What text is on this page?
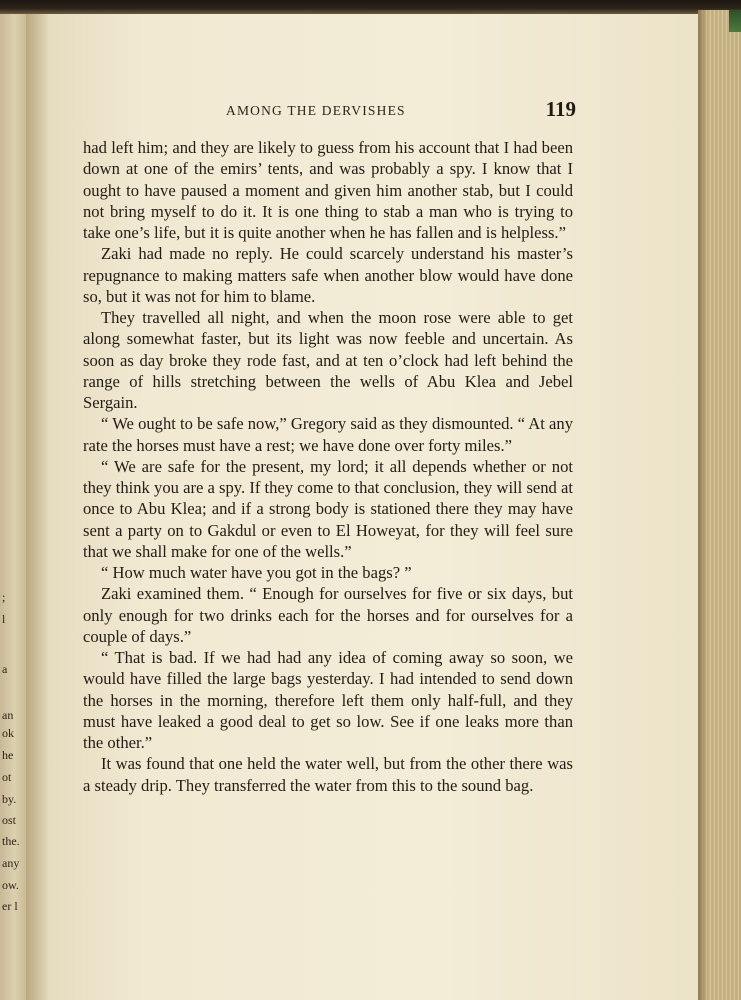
;
l
a
an
ok
he
ot
by.
ost
the.
any
ow.
er l
AMONG THE DERVISHES	119

had left him; and they are likely to guess from his account that I had been down at one of the emirs’ tents, and was probably a spy. I know that I ought to have paused a moment and given him another stab, but I could not bring myself to do it. It is one thing to stab a man who is trying to take one’s life, but it is quite another when he has fallen and is helpless.”

Zaki had made no reply. He could scarcely understand his master’s repugnance to making matters safe when another blow would have done so, but it was not for him to blame.

They travelled all night, and when the moon rose were able to get along somewhat faster, but its light was now feeble and uncertain. As soon as day broke they rode fast, and at ten o’clock had left behind the range of hills stretching between the wells of Abu Klea and Jebel Sergain.

“ We ought to be safe now,” Gregory said as they dismounted. “ At any rate the horses must have a rest; we have done over forty miles.”

“ We are safe for the present, my lord; it all depends whether or not they think you are a spy. If they come to that conclusion, they will send at once to Abu Klea; and if a strong body is stationed there they may have sent a party on to Gakdul or even to El Howeyat, for they will feel sure that we shall make for one of the wells.”

“ How much water have you got in the bags? ”

Zaki examined them. “ Enough for ourselves for five or six days, but only enough for two drinks each for the horses and for ourselves for a couple of days.”

“ That is bad. If we had had any idea of coming away so soon, we would have filled the large bags yesterday. I had intended to send down the horses in the morning, therefore left them only half-full, and they must have leaked a good deal to get so low. See if one leaks more than the other.”

It was found that one held the water well, but from the other there was a steady drip. They transferred the water from this to the sound bag.
